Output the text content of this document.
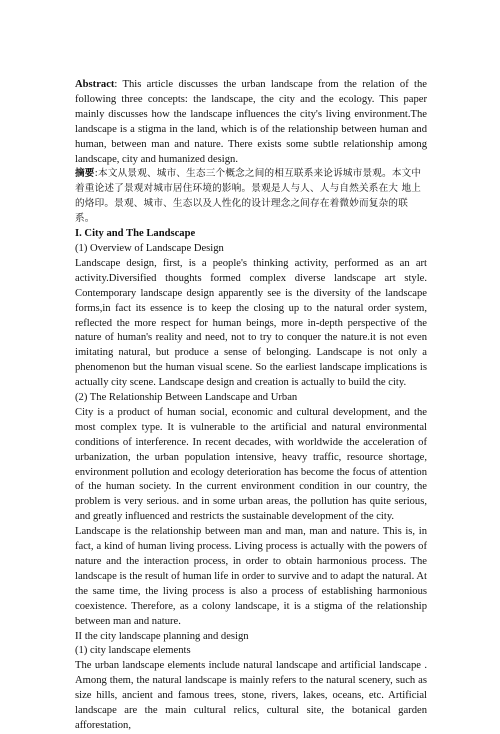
Abstract: This article discusses the urban landscape from the relation of the following three concepts: the landscape, the city and the ecology. This paper mainly discusses how the landscape influences the city's living environment.The landscape is a stigma in the land, which is of the relationship between human and human, between man and nature. There exists some subtle relationship among landscape, city and humanized design.

摘要:本文从景观、城市、生态三个概念之间的相互联系来论诉城市景观。本文中着重论述了景观对城市居住环境的影响。景观是人与人、人与自然关系在大 地上的烙印。景观、城市、生态以及人性化的设计理念之间存在着微妙而复杂的联系。

I. City and The Landscape

(1) Overview of Landscape Design

Landscape design, first, is a people's thinking activity, performed as an art activity.Diversified thoughts formed complex diverse landscape art style. Contemporary landscape design apparently see is the diversity of the landscape forms,in fact its essence is to keep the closing up to the natural order system, reflected the more respect for human beings, more in-depth perspective of the nature of human's reality and need, not to try to conquer the nature.it is not even imitating natural, but produce a sense of belonging. Landscape is not only a phenomenon but the human visual scene. So the earliest landscape implications is actually city scene. Landscape design and creation is actually to build the city.

(2) The Relationship Between Landscape and Urban

City is a product of human social, economic and cultural development, and the most complex type. It is vulnerable to the artificial and natural environmental conditions of interference. In recent decades, with worldwide the acceleration of urbanization, the urban population intensive, heavy traffic, resource shortage, environment pollution and ecology deterioration has become the focus of attention of the human society. In the current environment condition in our country, the problem is very serious. and in some urban areas, the pollution has quite serious, and greatly influenced and restricts the sustainable development of the city.

Landscape is the relationship between man and man, man and nature. This is, in fact, a kind of human living process. Living process is actually with the powers of nature and the interaction process, in order to obtain harmonious process. The landscape is the result of human life in order to survive and to adapt the natural. At the same time, the living process is also a process of establishing harmonious coexistence. Therefore, as a colony landscape, it is a stigma of the relationship between man and nature.

II the city landscape planning and design

(1) city landscape elements

The urban landscape elements include natural landscape and artificial landscape . Among them, the natural landscape is mainly refers to the natural scenery, such as size hills, ancient and famous trees, stone, rivers, lakes, oceans, etc. Artificial landscape are the main cultural relics, cultural site, the botanical garden afforestation,
